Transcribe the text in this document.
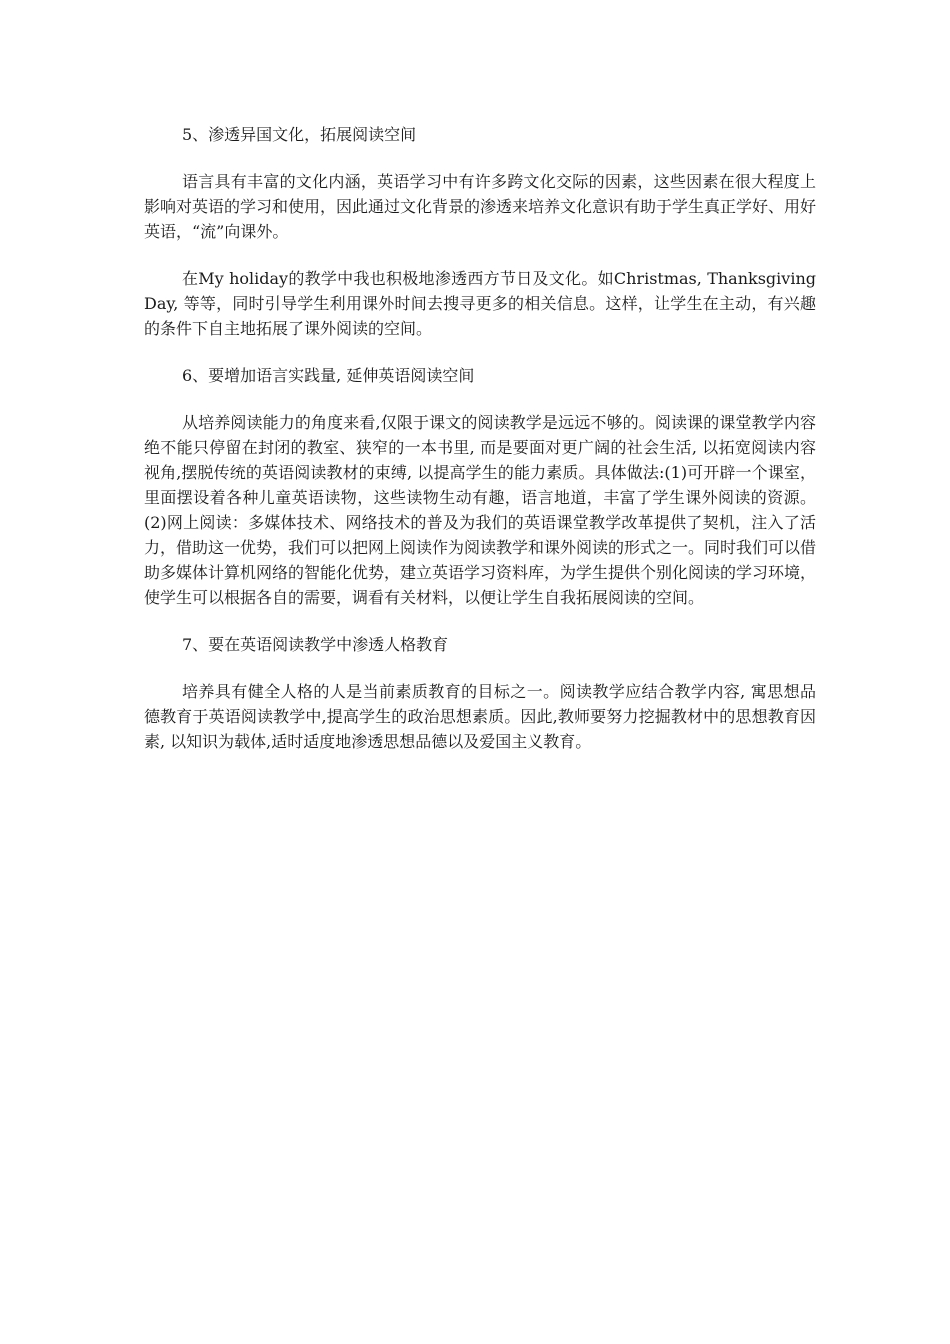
5、渗透异国文化，拓展阅读空间

语言具有丰富的文化内涵，英语学习中有许多跨文化交际的因素，这些因素在很大程度上影响对英语的学习和使用，因此通过文化背景的渗透来培养文化意识有助于学生真正学好、用好英语，“流”向课外。

在My holiday的教学中我也积极地渗透西方节日及文化。如Christmas, Thanksgiving Day, 等等，同时引导学生利用课外时间去搜寻更多的相关信息。这样，让学生在主动，有兴趣的条件下自主地拓展了课外阅读的空间。

6、要增加语言实践量, 延伸英语阅读空间

从培养阅读能力的角度来看,仅限于课文的阅读教学是远远不够的。阅读课的课堂教学内容绝不能只停留在封闭的教室、狭窄的一本书里, 而是要面对更广阔的社会生活, 以拓宽阅读内容视角,摆脱传统的英语阅读教材的束缚, 以提高学生的能力素质。具体做法:(1)可开辟一个课室，里面摆设着各种儿童英语读物，这些读物生动有趣，语言地道，丰富了学生课外阅读的资源。(2)网上阅读：多媒体技术、网络技术的普及为我们的英语课堂教学改革提供了契机，注入了活力，借助这一优势，我们可以把网上阅读作为阅读教学和课外阅读的形式之一。同时我们可以借助多媒体计算机网络的智能化优势，建立英语学习资料库，为学生提供个别化阅读的学习环境，使学生可以根据各自的需要，调看有关材料，以便让学生自我拓展阅读的空间。

7、要在英语阅读教学中渗透人格教育

培养具有健全人格的人是当前素质教育的目标之一。阅读教学应结合教学内容, 寓思想品德教育于英语阅读教学中,提高学生的政治思想素质。因此,教师要努力挖掘教材中的思想教育因素, 以知识为载体,适时适度地渗透思想品德以及爱国主义教育。
